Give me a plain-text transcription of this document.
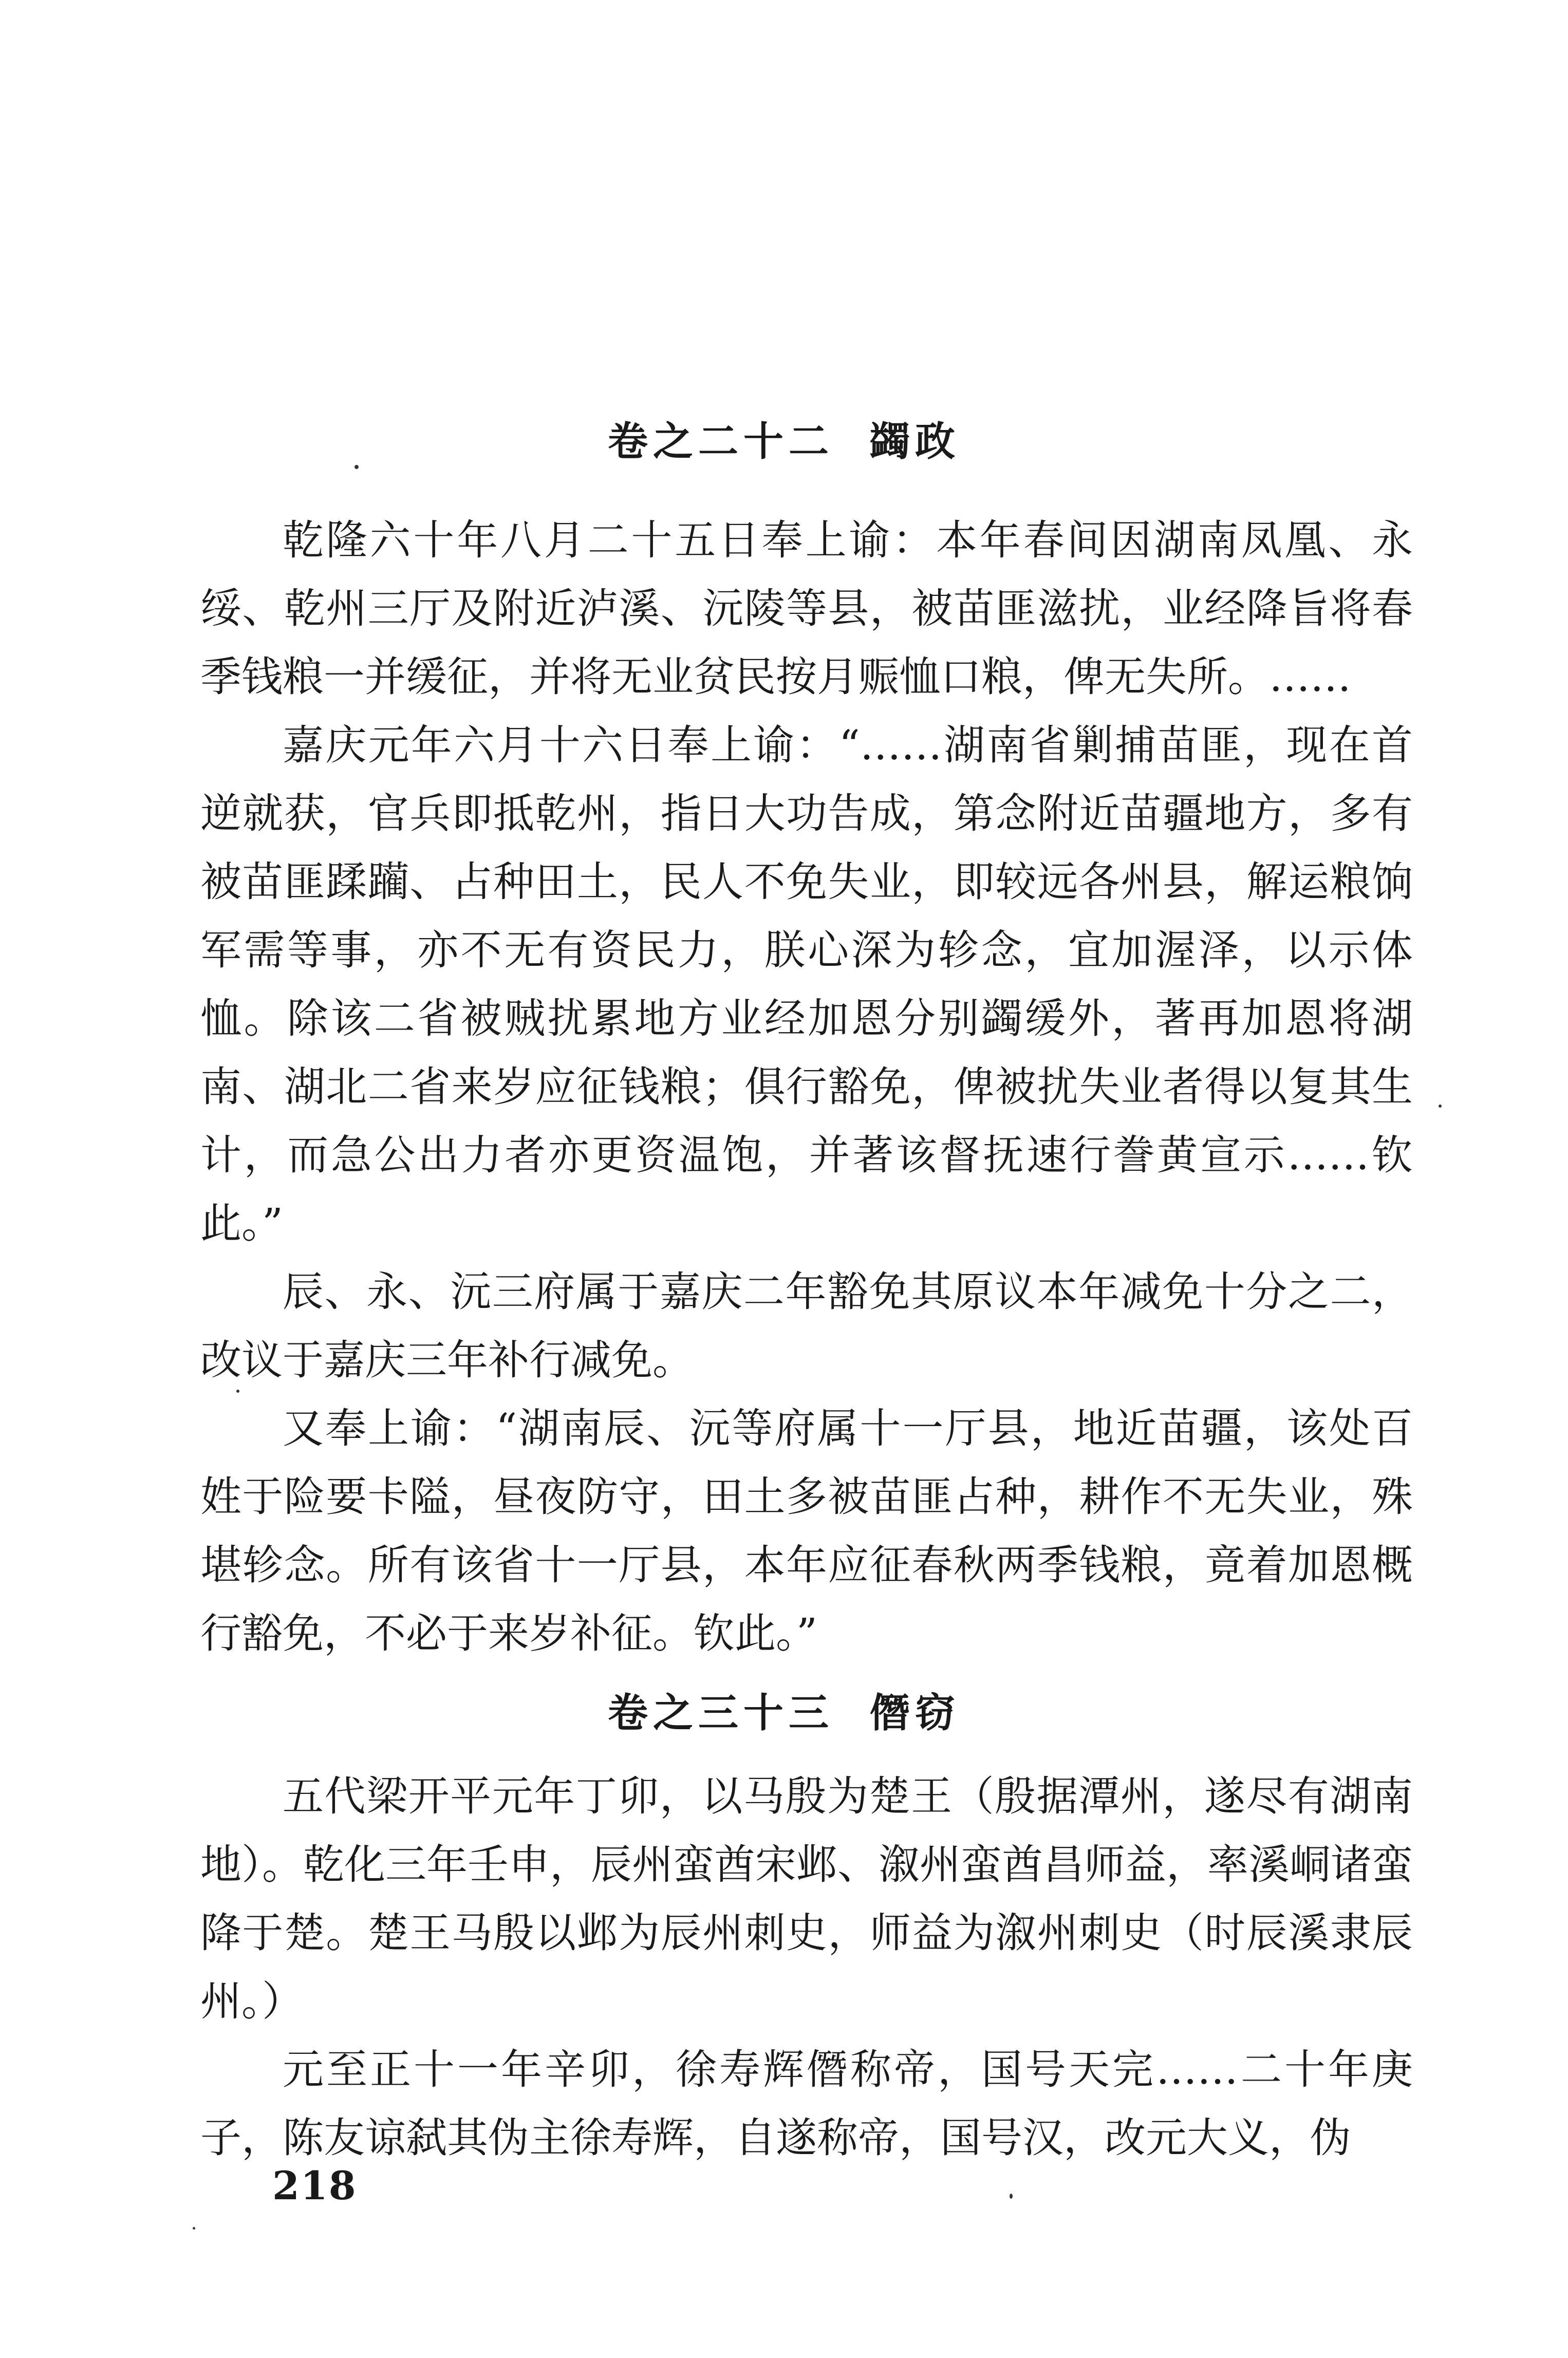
卷之二十二 蠲政

乾隆六十年八月二十五日奉上谕：本年春间因湖南凤凰、永绥、乾州三厅及附近泸溪、沅陵等县，被苗匪滋扰，业经降旨将春季钱粮一并缓征，并将无业贫民按月赈恤口粮，俾无失所。……

嘉庆元年六月十六日奉上谕：“……湖南省剿捕苗匪，现在首逆就获，官兵即抵乾州，指日大功告成，第念附近苗疆地方，多有被苗匪蹂躏、占种田土，民人不免失业，即较远各州县，解运粮饷军需等事，亦不无有资民力，朕心深为轸念，宜加渥泽，以示体恤。除该二省被贼扰累地方业经加恩分别蠲缓外，著再加恩将湖南、湖北二省来岁应征钱粮；俱行豁免，俾被扰失业者得以复其生计，而急公出力者亦更资温饱，并著该督抚速行誊黄宣示……钦此。”

辰、永、沅三府属于嘉庆二年豁免其原议本年减免十分之二，改议于嘉庆三年补行减免。

又奉上谕：“湖南辰、沅等府属十一厅县，地近苗疆，该处百姓于险要卡隘，昼夜防守，田土多被苗匪占种，耕作不无失业，殊堪轸念。所有该省十一厅县，本年应征春秋两季钱粮，竟着加恩概行豁免，不必于来岁补征。钦此。”

卷之三十三 僭窃

五代梁开平元年丁卯，以马殷为楚王（殷据潭州，遂尽有湖南地）。乾化三年壬申，辰州蛮酋宋邺、溆州蛮酋昌师益，率溪峒诸蛮降于楚。楚王马殷以邺为辰州刺史，师益为溆州刺史（时辰溪隶辰州。）

元至正十一年辛卯，徐寿辉僭称帝，国号天完……二十年庚子，陈友谅弑其伪主徐寿辉，自遂称帝，国号汉，改元大义，伪

218
